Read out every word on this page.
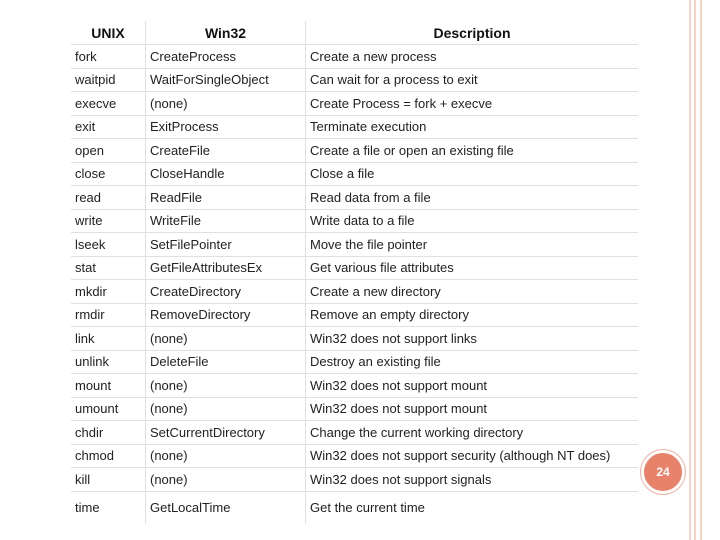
UNIX	Win32	Description
fork	CreateProcess	Create a new process
waitpid	WaitForSingleObject	Can wait for a process to exit
execve	(none)	Create Process = fork + execve
exit	ExitProcess	Terminate execution
open	CreateFile	Create a file or open an existing file
close	CloseHandle	Close a file
read	ReadFile	Read data from a file
write	WriteFile	Write data to a file
lseek	SetFilePointer	Move the file pointer
stat	GetFileAttributesEx	Get various file attributes
mkdir	CreateDirectory	Create a new directory
rmdir	RemoveDirectory	Remove an empty directory
link	(none)	Win32 does not support links
unlink	DeleteFile	Destroy an existing file
mount	(none)	Win32 does not support mount
umount	(none)	Win32 does not support mount
chdir	SetCurrentDirectory	Change the current working directory
chmod	(none)	Win32 does not support security (although NT does)
kill	(none)	Win32 does not support signals
time	GetLocalTime	Get the current time
24
